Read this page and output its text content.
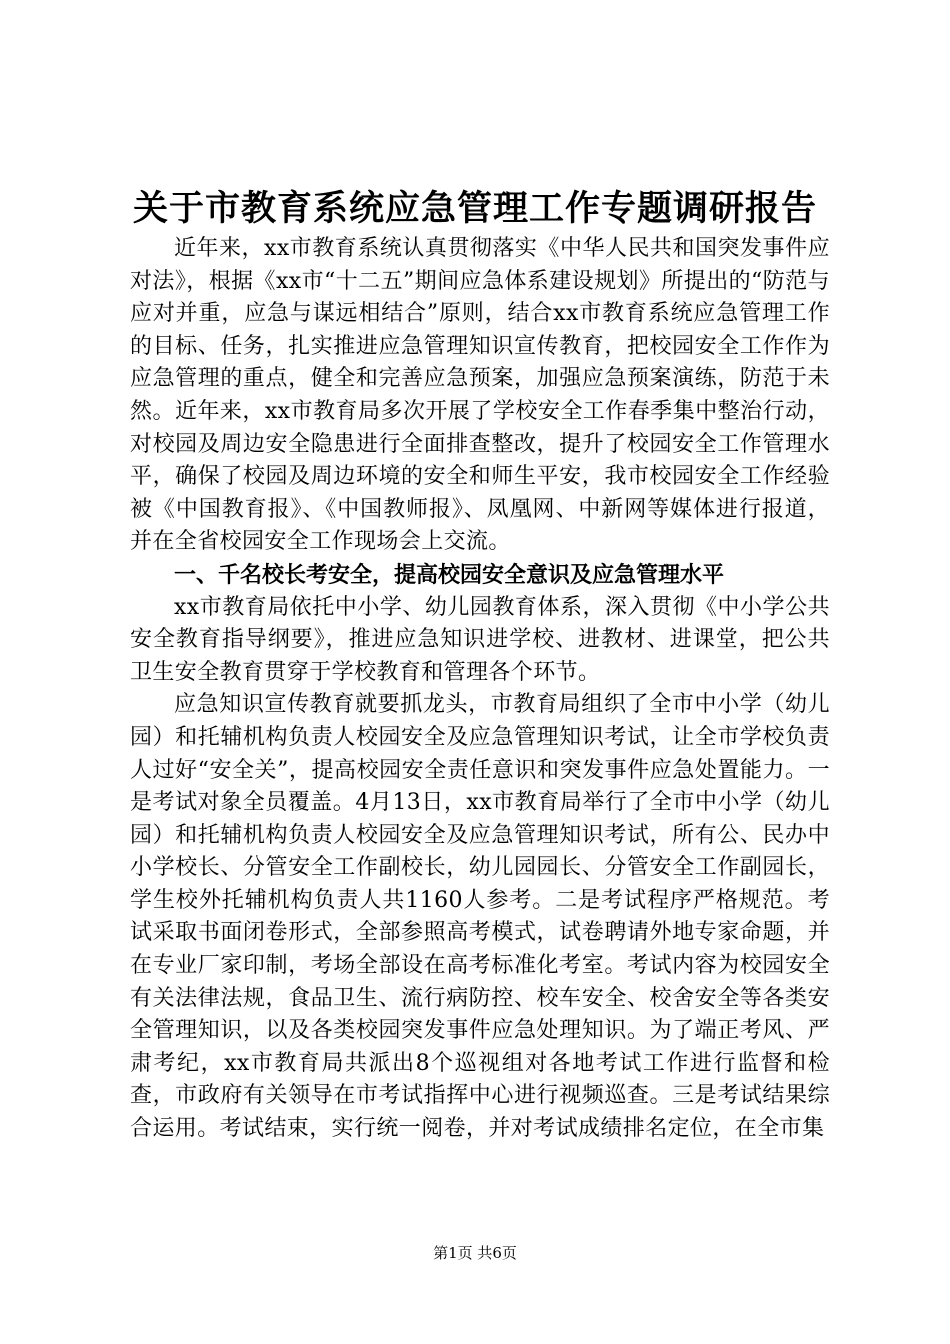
关于市教育系统应急管理工作专题调研报告

近年来，xx市教育系统认真贯彻落实《中华人民共和国突发事件应对法》，根据《xx市“十二五”期间应急体系建设规划》所提出的“防范与应对并重，应急与谋远相结合”原则，结合xx市教育系统应急管理工作的目标、任务，扎实推进应急管理知识宣传教育，把校园安全工作作为应急管理的重点，健全和完善应急预案，加强应急预案演练，防范于未然。近年来，xx市教育局多次开展了学校安全工作春季集中整治行动，对校园及周边安全隐患进行全面排查整改，提升了校园安全工作管理水平，确保了校园及周边环境的安全和师生平安，我市校园安全工作经验被《中国教育报》、《中国教师报》、凤凰网、中新网等媒体进行报道，并在全省校园安全工作现场会上交流。

一、千名校长考安全，提高校园安全意识及应急管理水平

xx市教育局依托中小学、幼儿园教育体系，深入贯彻《中小学公共安全教育指导纲要》，推进应急知识进学校、进教材、进课堂，把公共卫生安全教育贯穿于学校教育和管理各个环节。

应急知识宣传教育就要抓龙头，市教育局组织了全市中小学（幼儿园）和托辅机构负责人校园安全及应急管理知识考试，让全市学校负责人过好“安全关”，提高校园安全责任意识和突发事件应急处置能力。一是考试对象全员覆盖。4月13日，xx市教育局举行了全市中小学（幼儿园）和托辅机构负责人校园安全及应急管理知识考试，所有公、民办中小学校长、分管安全工作副校长，幼儿园园长、分管安全工作副园长，学生校外托辅机构负责人共1160人参考。二是考试程序严格规范。考试采取书面闭卷形式，全部参照高考模式，试卷聘请外地专家命题，并在专业厂家印制，考场全部设在高考标准化考室。考试内容为校园安全有关法律法规，食品卫生、流行病防控、校车安全、校舍安全等各类安全管理知识，以及各类校园突发事件应急处理知识。为了端正考风、严肃考纪，xx市教育局共派出8个巡视组对各地考试工作进行监督和检查，市政府有关领导在市考试指挥中心进行视频巡查。三是考试结果综合运用。考试结束，实行统一阅卷，并对考试成绩排名定位，在全市集

第1页 共6页
